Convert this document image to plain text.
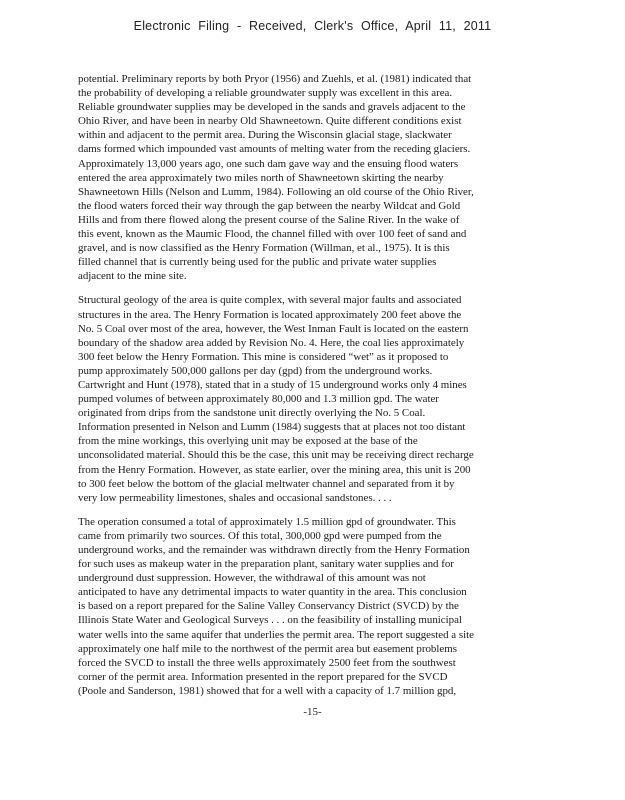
Electronic Filing - Received, Clerk's Office, April 11, 2011

potential. Preliminary reports by both Pryor (1956) and Zuehls, et al. (1981) indicated that
the probability of developing a reliable groundwater supply was excellent in this area.
Reliable groundwater supplies may be developed in the sands and gravels adjacent to the
Ohio River, and have been in nearby Old Shawneetown. Quite different conditions exist
within and adjacent to the permit area. During the Wisconsin glacial stage, slackwater
dams formed which impounded vast amounts of melting water from the receding glaciers.
Approximately 13,000 years ago, one such dam gave way and the ensuing flood waters
entered the area approximately two miles north of Shawneetown skirting the nearby
Shawneetown Hills (Nelson and Lumm, 1984). Following an old course of the Ohio River,
the flood waters forced their way through the gap between the nearby Wildcat and Gold
Hills and from there flowed along the present course of the Saline River. In the wake of
this event, known as the Maumic Flood, the channel filled with over 100 feet of sand and
gravel, and is now classified as the Henry Formation (Willman, et al., 1975). It is this
filled channel that is currently being used for the public and private water supplies
adjacent to the mine site.

Structural geology of the area is quite complex, with several major faults and associated
structures in the area. The Henry Formation is located approximately 200 feet above the
No. 5 Coal over most of the area, however, the West Inman Fault is located on the eastern
boundary of the shadow area added by Revision No. 4. Here, the coal lies approximately
300 feet below the Henry Formation. This mine is considered “wet” as it proposed to
pump approximately 500,000 gallons per day (gpd) from the underground works.
Cartwright and Hunt (1978), stated that in a study of 15 underground works only 4 mines
pumped volumes of between approximately 80,000 and 1.3 million gpd. The water
originated from drips from the sandstone unit directly overlying the No. 5 Coal.
Information presented in Nelson and Lumm (1984) suggests that at places not too distant
from the mine workings, this overlying unit may be exposed at the base of the
unconsolidated material. Should this be the case, this unit may be receiving direct recharge
from the Henry Formation. However, as state earlier, over the mining area, this unit is 200
to 300 feet below the bottom of the glacial meltwater channel and separated from it by
very low permeability limestones, shales and occasional sandstones. . . .

The operation consumed a total of approximately 1.5 million gpd of groundwater. This
came from primarily two sources. Of this total, 300,000 gpd were pumped from the
underground works, and the remainder was withdrawn directly from the Henry Formation
for such uses as makeup water in the preparation plant, sanitary water supplies and for
underground dust suppression. However, the withdrawal of this amount was not
anticipated to have any detrimental impacts to water quantity in the area. This conclusion
is based on a report prepared for the Saline Valley Conservancy District (SVCD) by the
Illinois State Water and Geological Surveys . . . on the feasibility of installing municipal
water wells into the same aquifer that underlies the permit area. The report suggested a site
approximately one half mile to the northwest of the permit area but easement problems
forced the SVCD to install the three wells approximately 2500 feet from the southwest
corner of the permit area. Information presented in the report prepared for the SVCD
(Poole and Sanderson, 1981) showed that for a well with a capacity of 1.7 million gpd,

-15-
